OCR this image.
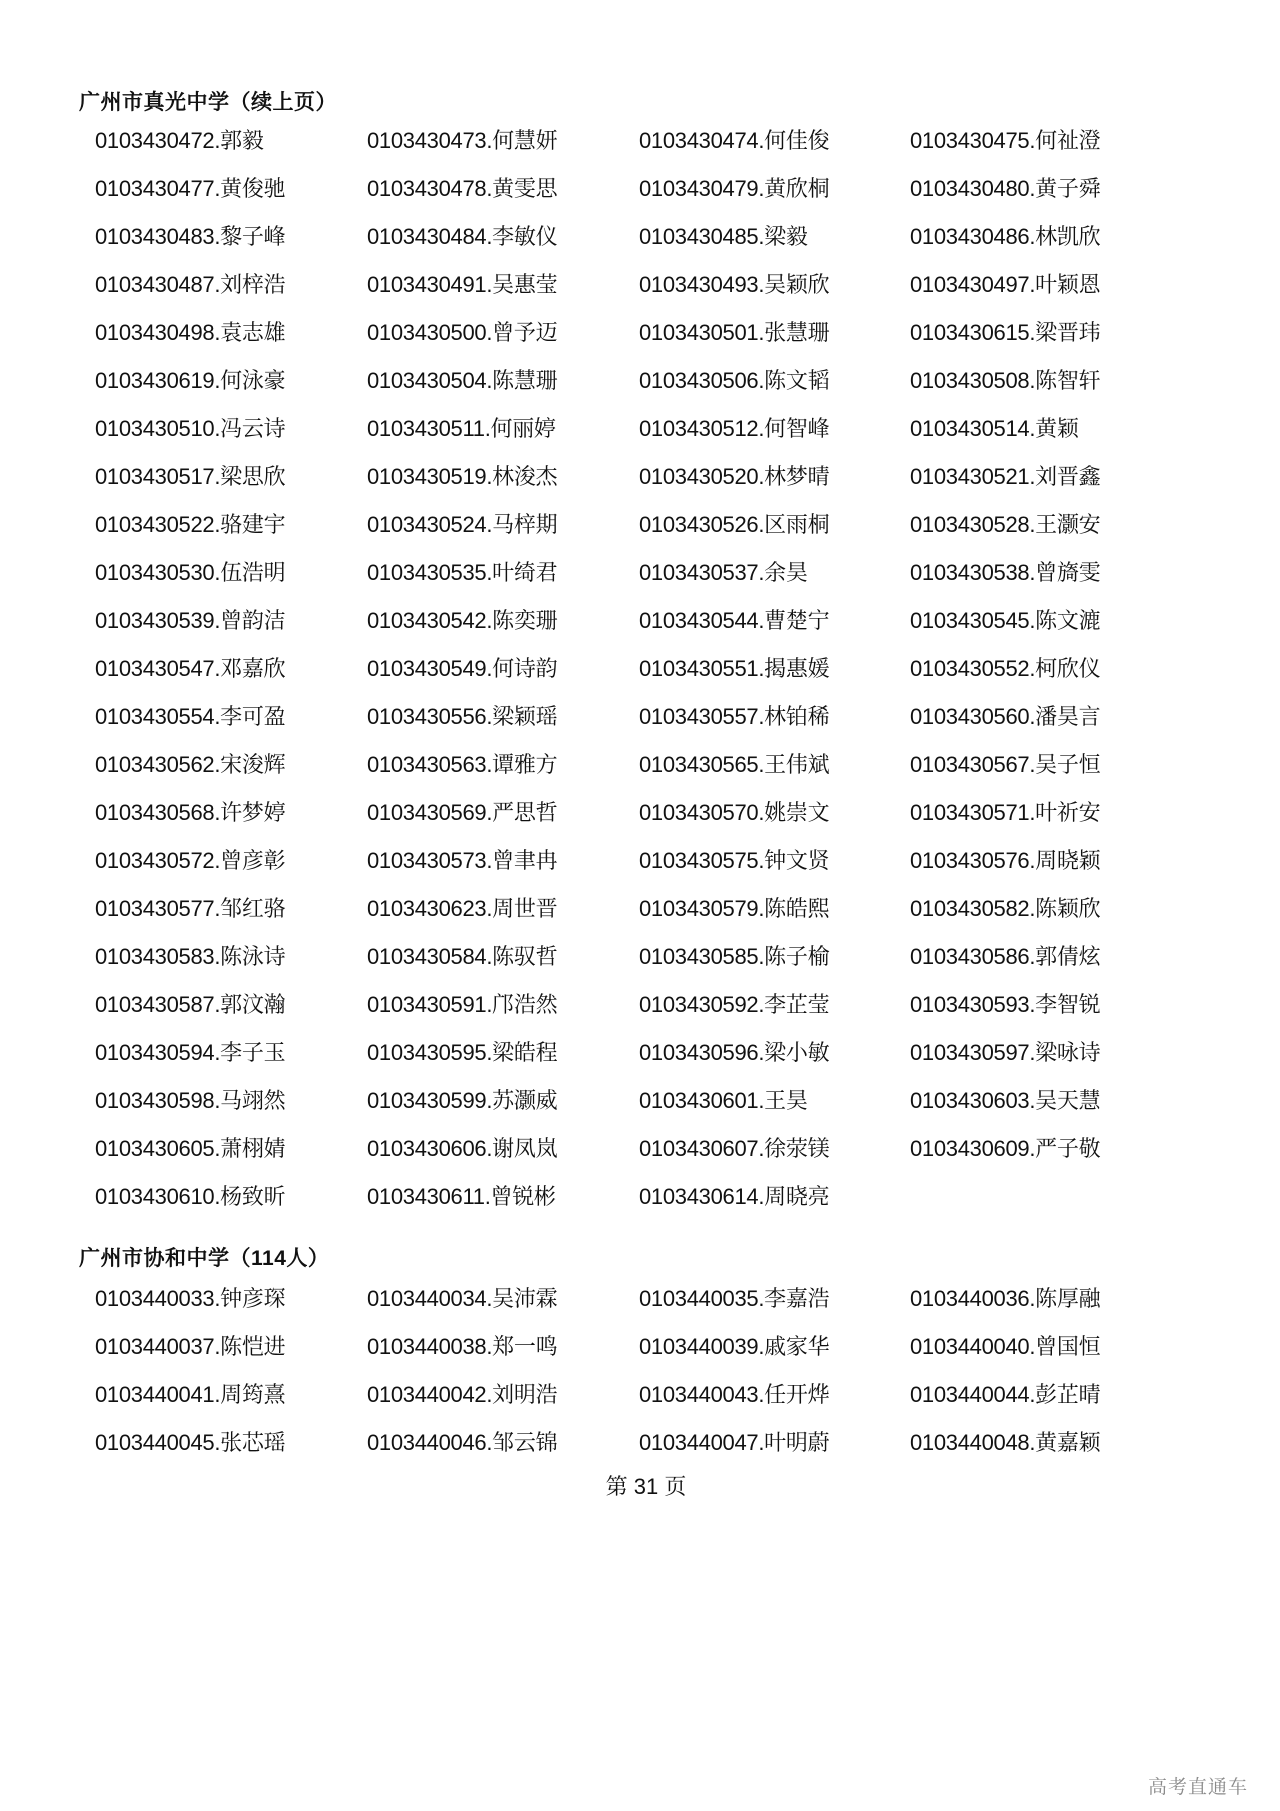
广州市真光中学（续上页）
0103430472.郭毅	0103430473.何慧妍	0103430474.何佳俊	0103430475.何祉澄
0103430477.黄俊驰	0103430478.黄雯思	0103430479.黄欣桐	0103430480.黄子舜
0103430483.黎子峰	0103430484.李敏仪	0103430485.梁毅	0103430486.林凯欣
0103430487.刘梓浩	0103430491.吴惠莹	0103430493.吴颖欣	0103430497.叶颖恩
0103430498.袁志雄	0103430500.曾予迈	0103430501.张慧珊	0103430615.梁晋玮
0103430619.何泳豪	0103430504.陈慧珊	0103430506.陈文韬	0103430508.陈智轩
0103430510.冯云诗	0103430511.何丽婷	0103430512.何智峰	0103430514.黄颖
0103430517.梁思欣	0103430519.林浚杰	0103430520.林梦晴	0103430521.刘晋鑫
0103430522.骆建宇	0103430524.马梓期	0103430526.区雨桐	0103430528.王灏安
0103430530.伍浩明	0103430535.叶绮君	0103430537.余昊	0103430538.曾旖雯
0103430539.曾韵洁	0103430542.陈奕珊	0103430544.曹楚宁	0103430545.陈文漉
0103430547.邓嘉欣	0103430549.何诗韵	0103430551.揭惠媛	0103430552.柯欣仪
0103430554.李可盈	0103430556.梁颖瑶	0103430557.林铂稀	0103430560.潘昊言
0103430562.宋浚辉	0103430563.谭雅方	0103430565.王伟斌	0103430567.吴子恒
0103430568.许梦婷	0103430569.严思哲	0103430570.姚崇文	0103430571.叶祈安
0103430572.曾彦彰	0103430573.曾聿冉	0103430575.钟文贤	0103430576.周晓颖
0103430577.邹红骆	0103430623.周世晋	0103430579.陈皓熙	0103430582.陈颖欣
0103430583.陈泳诗	0103430584.陈驭哲	0103430585.陈子榆	0103430586.郭倩炫
0103430587.郭汶瀚	0103430591.邝浩然	0103430592.李芷莹	0103430593.李智锐
0103430594.李子玉	0103430595.梁皓程	0103430596.梁小敏	0103430597.梁咏诗
0103430598.马翊然	0103430599.苏灏威	0103430601.王昊	0103430603.吴天慧
0103430605.萧栩婧	0103430606.谢凤岚	0103430607.徐荥镁	0103430609.严子敬
0103430610.杨致昕	0103430611.曾锐彬	0103430614.周晓亮
广州市协和中学（114人）
0103440033.钟彦琛	0103440034.吴沛霖	0103440035.李嘉浩	0103440036.陈厚融
0103440037.陈恺进	0103440038.郑一鸣	0103440039.戚家华	0103440040.曾国恒
0103440041.周筠熹	0103440042.刘明浩	0103440043.任开烨	0103440044.彭芷晴
0103440045.张芯瑶	0103440046.邹云锦	0103440047.叶明蔚	0103440048.黄嘉颖
第 31 页
高考直通车
